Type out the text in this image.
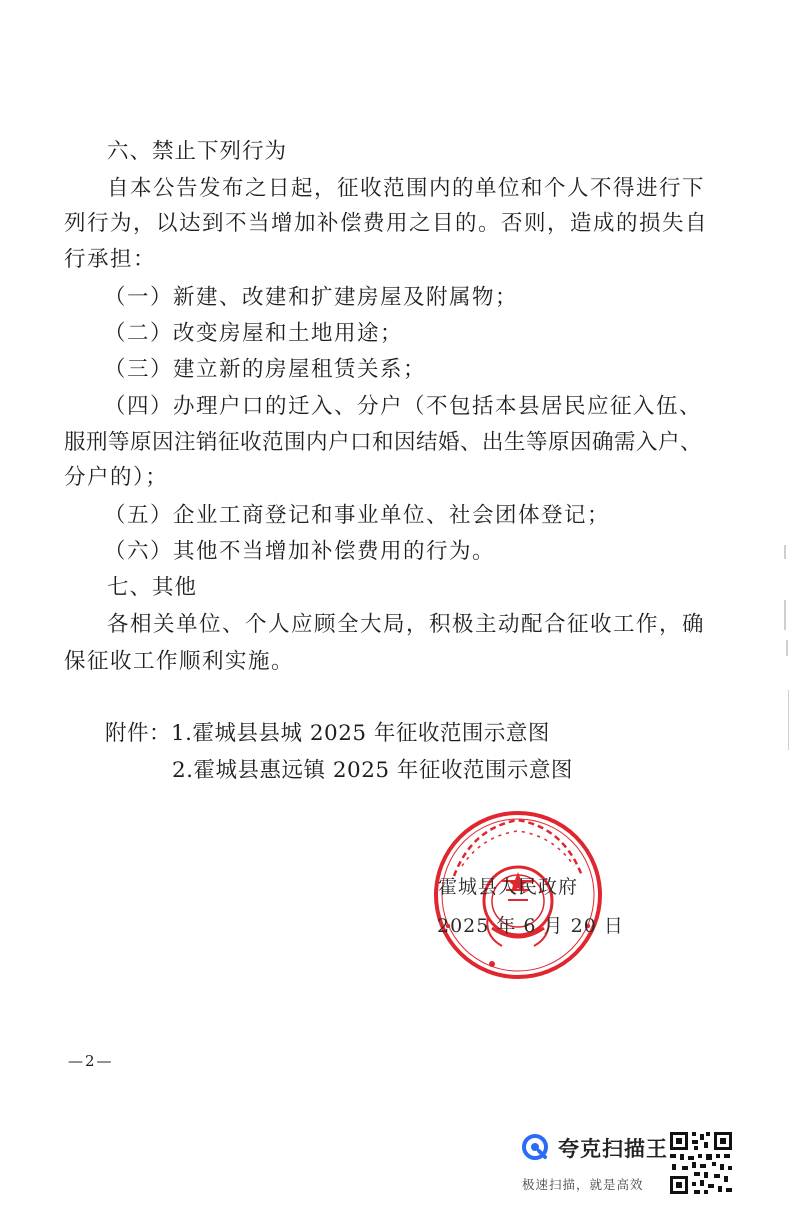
六、禁止下列行为
自本公告发布之日起，征收范围内的单位和个人不得进行下
列行为，以达到不当增加补偿费用之目的。否则，造成的损失自
行承担：
（一）新建、改建和扩建房屋及附属物；
（二）改变房屋和土地用途；
（三）建立新的房屋租赁关系；
（四）办理户口的迁入、分户（不包括本县居民应征入伍、
服刑等原因注销征收范围内户口和因结婚、出生等原因确需入户、
分户的）；
（五）企业工商登记和事业单位、社会团体登记；
（六）其他不当增加补偿费用的行为。
七、其他
各相关单位、个人应顾全大局，积极主动配合征收工作，确
保征收工作顺利实施。
附件：1.霍城县县城 2025 年征收范围示意图
2.霍城县惠远镇 2025 年征收范围示意图
霍城县人民政府
2025 年 6 月 20 日
—2—
夸克扫描王
极速扫描，就是高效
